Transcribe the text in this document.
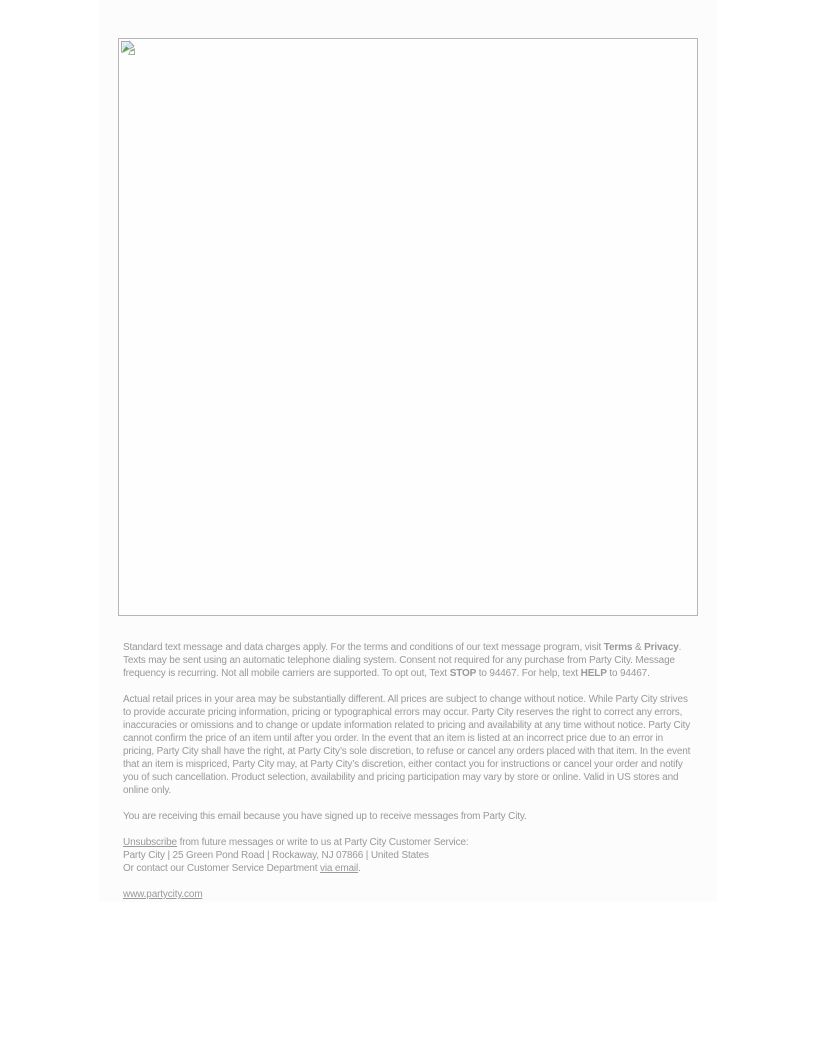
Standard text message and data charges apply. For the terms and conditions of our text message program, visit Terms & Privacy. Texts may be sent using an automatic telephone dialing system. Consent not required for any purchase from Party City. Message frequency is recurring. Not all mobile carriers are supported. To opt out, Text STOP to 94467. For help, text HELP to 94467.

Actual retail prices in your area may be substantially different. All prices are subject to change without notice. While Party City strives to provide accurate pricing information, pricing or typographical errors may occur. Party City reserves the right to correct any errors, inaccuracies or omissions and to change or update information related to pricing and availability at any time without notice. Party City cannot confirm the price of an item until after you order. In the event that an item is listed at an incorrect price due to an error in pricing, Party City shall have the right, at Party City’s sole discretion, to refuse or cancel any orders placed with that item. In the event that an item is mispriced, Party City may, at Party City’s discretion, either contact you for instructions or cancel your order and notify you of such cancellation. Product selection, availability and pricing participation may vary by store or online. Valid in US stores and online only.

You are receiving this email because you have signed up to receive messages from Party City.

Unsubscribe from future messages or write to us at Party City Customer Service:
Party City | 25 Green Pond Road | Rockaway, NJ 07866 | United States
Or contact our Customer Service Department via email.

www.partycity.com
